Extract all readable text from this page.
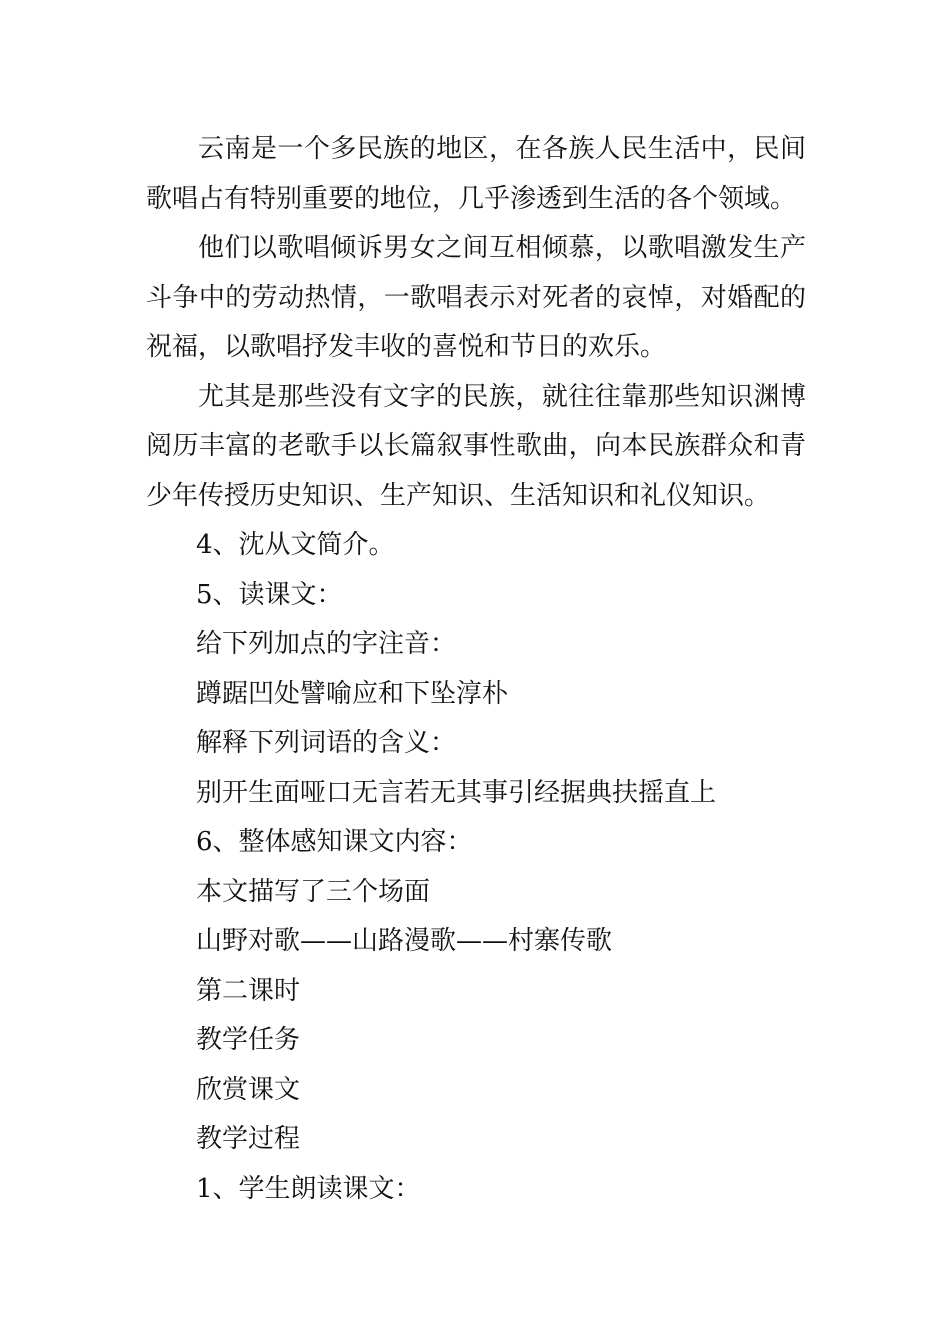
云南是一个多民族的地区，在各族人民生活中，民间歌唱占有特别重要的地位，几乎渗透到生活的各个领域。

他们以歌唱倾诉男女之间互相倾慕，以歌唱激发生产斗争中的劳动热情，一歌唱表示对死者的哀悼，对婚配的祝福，以歌唱抒发丰收的喜悦和节日的欢乐。

尤其是那些没有文字的民族，就往往靠那些知识渊博阅历丰富的老歌手以长篇叙事性歌曲，向本民族群众和青少年传授历史知识、生产知识、生活知识和礼仪知识。

4、沈从文简介。

5、读课文：

给下列加点的字注音：

蹲踞凹处譬喻应和下坠淳朴

解释下列词语的含义：

别开生面哑口无言若无其事引经据典扶摇直上

6、整体感知课文内容：

本文描写了三个场面

山野对歌——山路漫歌——村寨传歌

第二课时

教学任务

欣赏课文

教学过程

1、学生朗读课文：
